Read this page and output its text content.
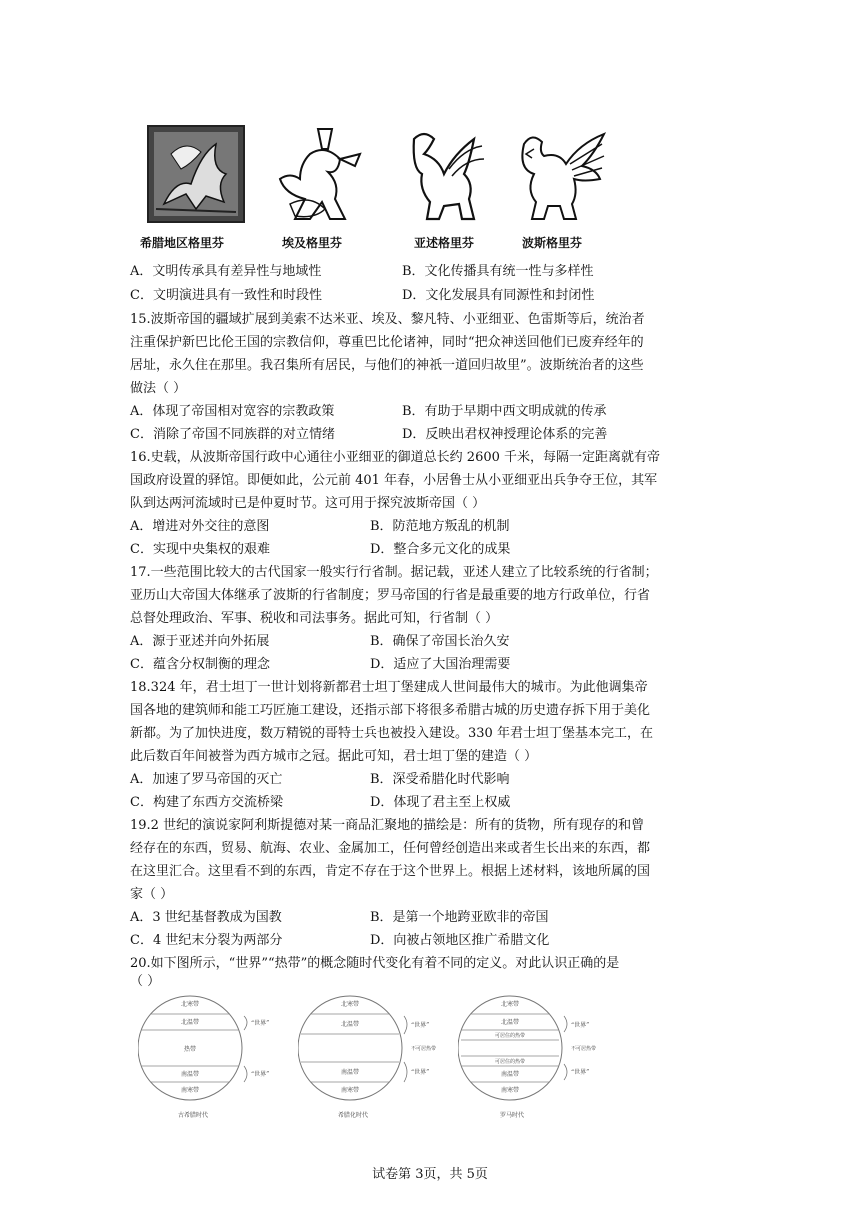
希腊地区格里芬	埃及格里芬	亚述格里芬	波斯格里芬
A．文明传承具有差异性与地域性	B．文化传播具有统一性与多样性
C．文明演进具有一致性和时段性	D．文化发展具有同源性和封闭性
15.波斯帝国的疆域扩展到美索不达米亚、埃及、黎凡特、小亚细亚、色雷斯等后，统治者
注重保护新巴比伦王国的宗教信仰，尊重巴比伦诸神，同时“把众神送回他们已废弃经年的
居址，永久住在那里。我召集所有居民，与他们的神祇一道回归故里”。波斯统治者的这些
做法（ ）
A．体现了帝国相对宽容的宗教政策	B．有助于早期中西文明成就的传承
C．消除了帝国不同族群的对立情绪	D．反映出君权神授理论体系的完善
16.史载，从波斯帝国行政中心通往小亚细亚的御道总长约 2600 千米，每隔一定距离就有帝
国政府设置的驿馆。即便如此，公元前 401 年春，小居鲁士从小亚细亚出兵争夺王位，其军
队到达两河流域时已是仲夏时节。这可用于探究波斯帝国（ ）
A．增进对外交往的意图	B．防范地方叛乱的机制
C．实现中央集权的艰难	D．整合多元文化的成果
17.一些范围比较大的古代国家一般实行行省制。据记载，亚述人建立了比较系统的行省制；
亚历山大帝国大体继承了波斯的行省制度；罗马帝国的行省是最重要的地方行政单位，行省
总督处理政治、军事、税收和司法事务。据此可知，行省制（ ）
A．源于亚述并向外拓展	B．确保了帝国长治久安
C．蕴含分权制衡的理念	D．适应了大国治理需要
18.324 年，君士坦丁一世计划将新都君士坦丁堡建成人世间最伟大的城市。为此他调集帝
国各地的建筑师和能工巧匠施工建设，还指示部下将很多希腊古城的历史遗存拆下用于美化
新都。为了加快进度，数万精锐的哥特士兵也被投入建设。330 年君士坦丁堡基本完工，在
此后数百年间被誉为西方城市之冠。据此可知，君士坦丁堡的建造（ ）
A．加速了罗马帝国的灭亡	B．深受希腊化时代影响
C．构建了东西方交流桥梁	D．体现了君主至上权威
19.2 世纪的演说家阿利斯提德对某一商品汇聚地的描绘是：所有的货物，所有现存的和曾
经存在的东西，贸易、航海、农业、金属加工，任何曾经创造出来或者生长出来的东西，都
在这里汇合。这里看不到的东西，肯定不存在于这个世界上。根据上述材料，该地所属的国
家（ ）
A．3 世纪基督教成为国教	B．是第一个地跨亚欧非的帝国
C．4 世纪末分裂为两部分	D．向被占领地区推广希腊文化
20.如下图所示，“世界”“热带”的概念随时代变化有着不同的定义。对此认识正确的是
（ ）
北寒带
北温带
热带
南温带
南寒带
“世界”
“世界”
古希腊时代
北寒带
北温带
南温带
南寒带
“世界”
不可居热带
“世界”
希腊化时代
北寒带
北温带
可居住的热带
可居住的热带
南温带
南寒带
“世界”
不可居热带
“世界”
罗马时代
试卷第 3页，共 5页
